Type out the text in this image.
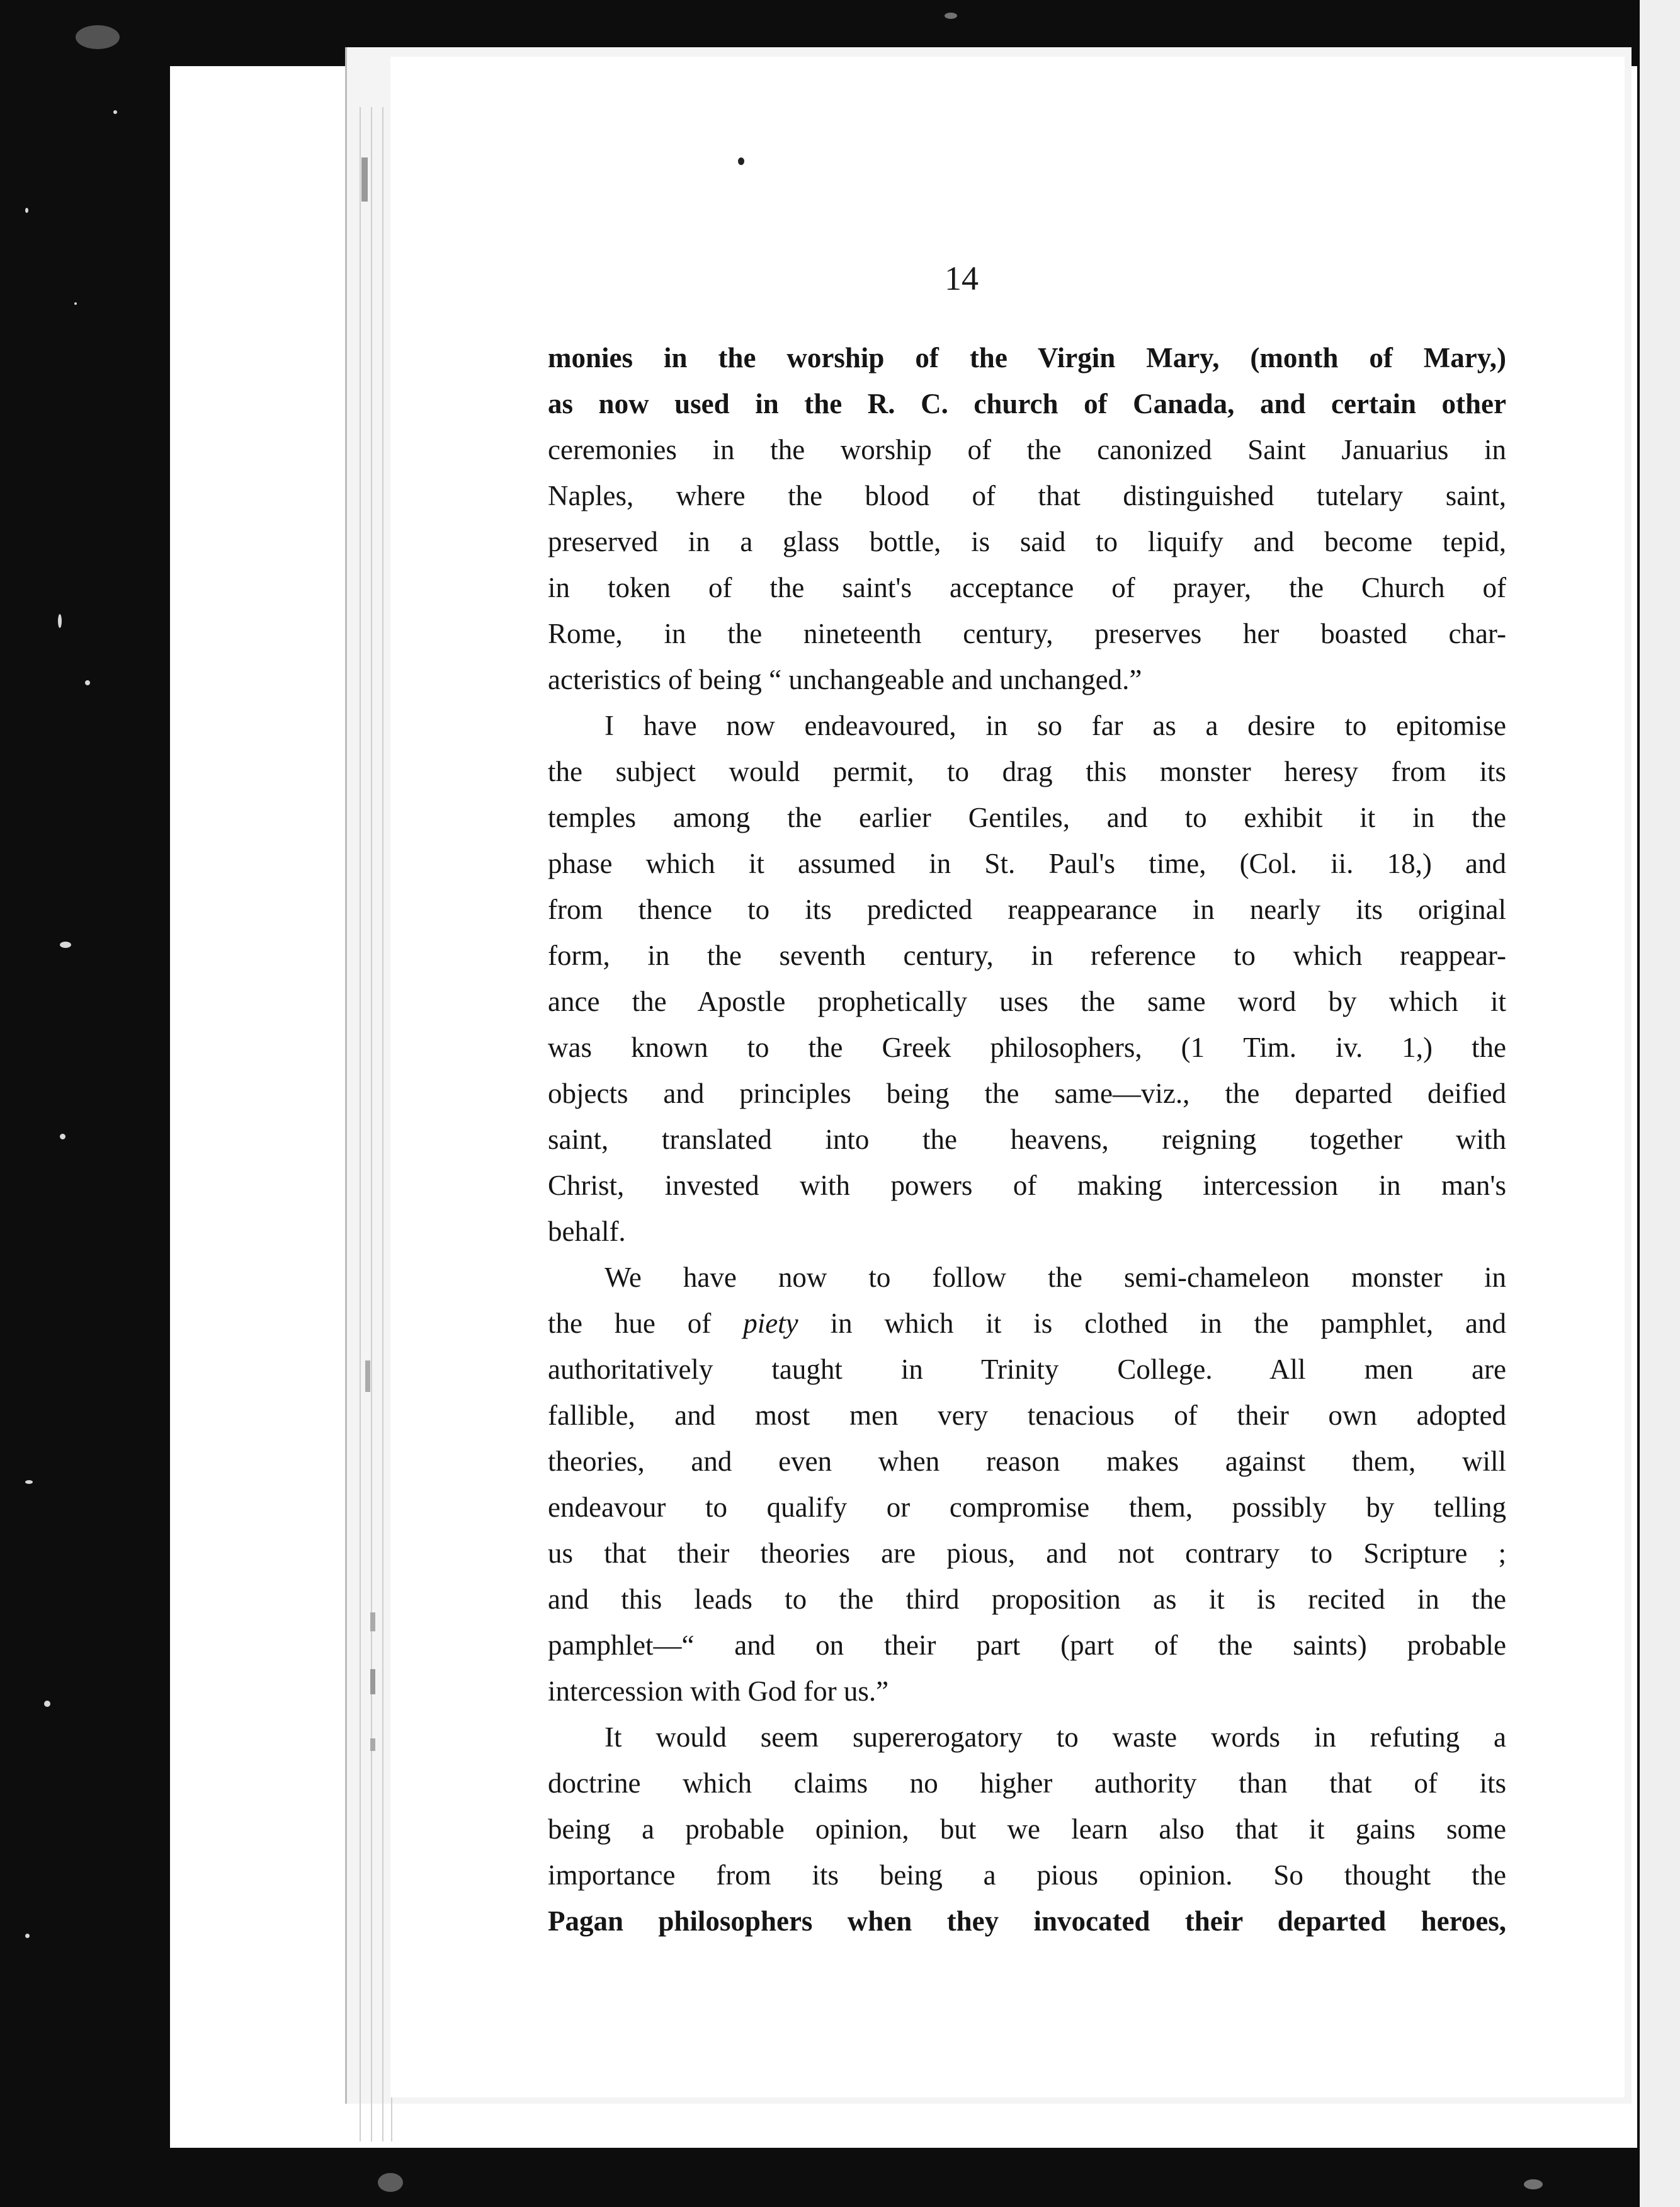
14
monies in the worship of the Virgin Mary, (month of Mary,)
as now used in the R. C. church of Canada, and certain other
ceremonies in the worship of the canonized Saint Januarius in
Naples, where the blood of that distinguished tutelary saint,
preserved in a glass bottle, is said to liquify and become tepid,
in token of the saint's acceptance of prayer, the Church of
Rome, in the nineteenth century, preserves her boasted char-
acteristics of being “ unchangeable and unchanged.”
I have now endeavoured, in so far as a desire to epitomise
the subject would permit, to drag this monster heresy from its
temples among the earlier Gentiles, and to exhibit it in the
phase which it assumed in St. Paul's time, (Col. ii. 18,) and
from thence to its predicted reappearance in nearly its original
form, in the seventh century, in reference to which reappear-
ance the Apostle prophetically uses the same word by which it
was known to the Greek philosophers, (1 Tim. iv. 1,) the
objects and principles being the same—viz., the departed deified
saint, translated into the heavens, reigning together with
Christ, invested with powers of making intercession in man's
behalf.
We have now to follow the semi-chameleon monster in
the hue of piety in which it is clothed in the pamphlet, and
authoritatively taught in Trinity College. All men are
fallible, and most men very tenacious of their own adopted
theories, and even when reason makes against them, will
endeavour to qualify or compromise them, possibly by telling
us that their theories are pious, and not contrary to Scripture ;
and this leads to the third proposition as it is recited in the
pamphlet—“ and on their part (part of the saints) probable
intercession with God for us.”
It would seem supererogatory to waste words in refuting a
doctrine which claims no higher authority than that of its
being a probable opinion, but we learn also that it gains some
importance from its being a pious opinion. So thought the
Pagan philosophers when they invocated their departed heroes,
